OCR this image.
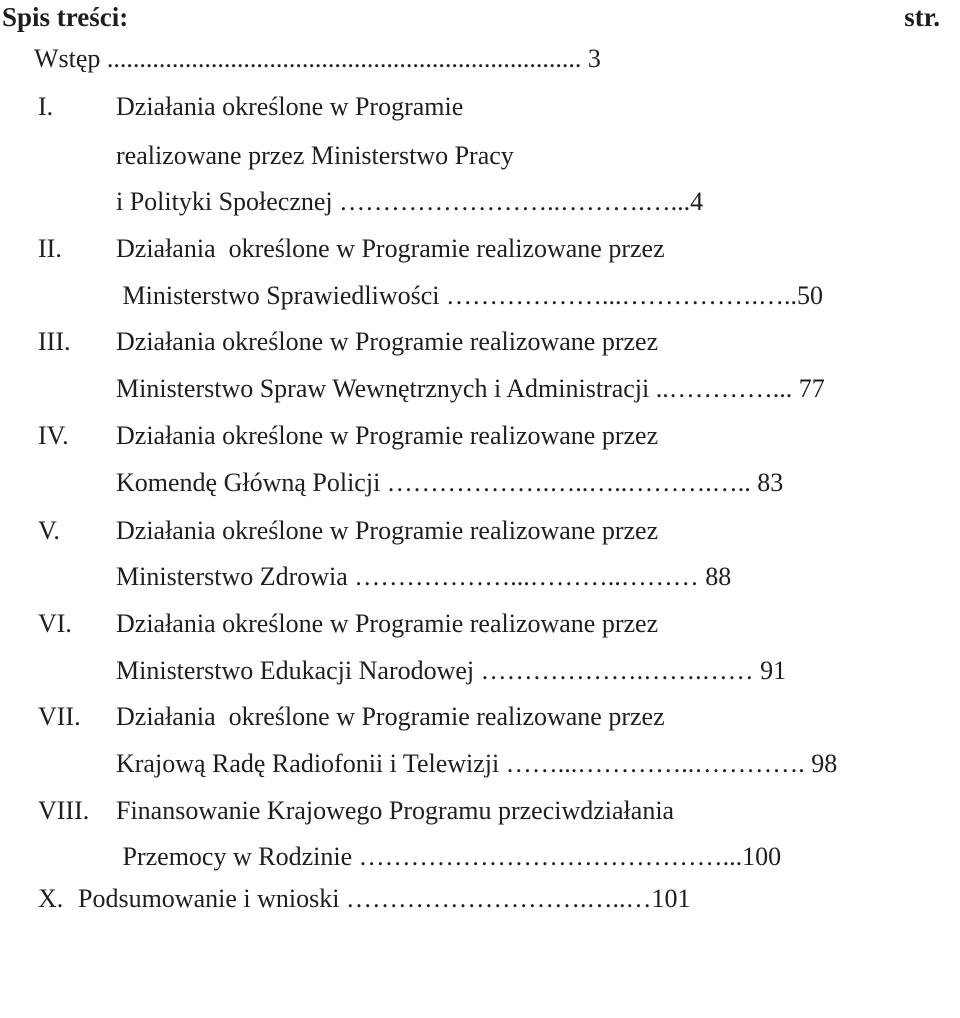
Spis treści:

	str.

Wstęp ......................................................................... 3

I.

Działania określone w Programie

realizowane przez Ministerstwo Pracy

i Polityki Społecznej ……………………..……….…...4

II.

Działania  określone w Programie realizowane przez

Ministerstwo Sprawiedliwości ………………...…………….…..50

III.

Działania określone w Programie realizowane przez

Ministerstwo Spraw Wewnętrznych i Administracji ..…………... 77

IV.

Działania określone w Programie realizowane przez

Komendę Główną Policji ……………….…..…..……….….. 83

V.

Działania określone w Programie realizowane przez

Ministerstwo Zdrowia ………………...………..……… 88

VI.

Działania określone w Programie realizowane przez

Ministerstwo Edukacji Narodowej ……………….…….…… 91

VII.

Działania  określone w Programie realizowane przez

Krajową Radę Radiofonii i Telewizji ……...…………..…………. 98

VIII.

Finansowanie Krajowego Programu przeciwdziałania

Przemocy w Rodzinie ……………………………………...100

X.

Podsumowanie i wnioski ……………………….…..…101
